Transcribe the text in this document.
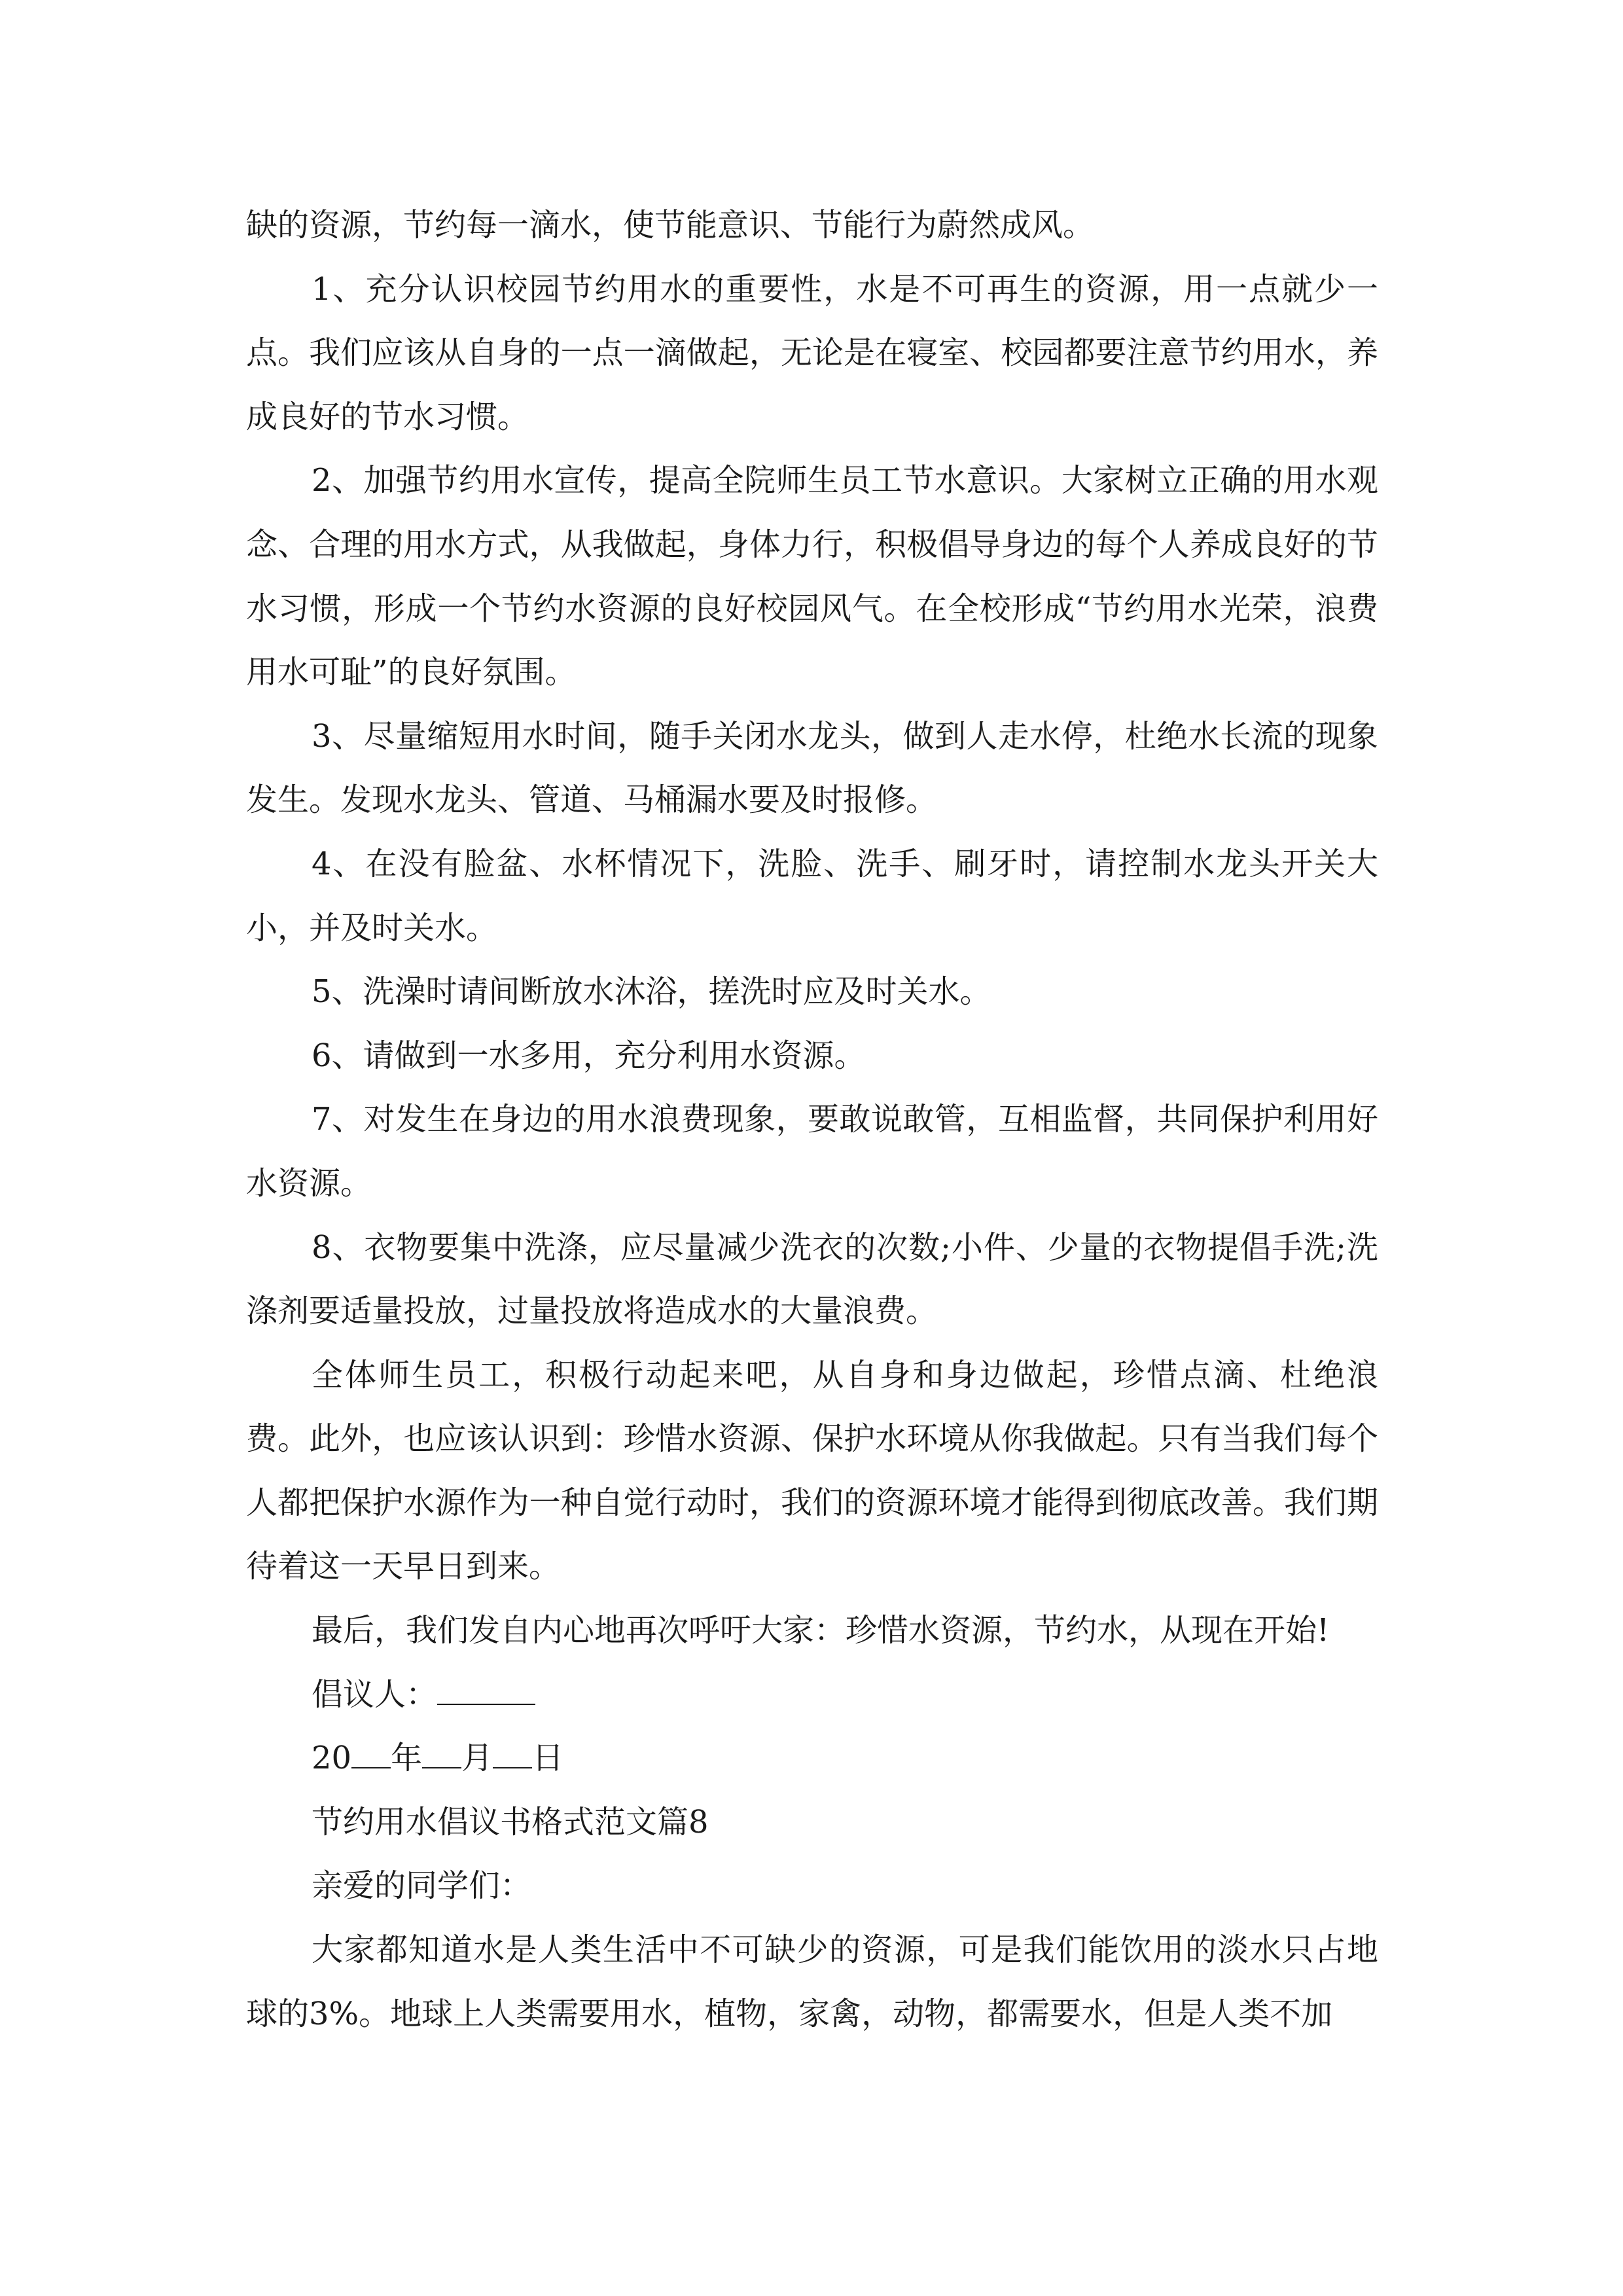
缺的资源，节约每一滴水，使节能意识、节能行为蔚然成风。

1、充分认识校园节约用水的重要性，水是不可再生的资源，用一点就少一点。我们应该从自身的一点一滴做起，无论是在寝室、校园都要注意节约用水，养成良好的节水习惯。

2、加强节约用水宣传，提高全院师生员工节水意识。大家树立正确的用水观念、合理的用水方式，从我做起，身体力行，积极倡导身边的每个人养成良好的节水习惯，形成一个节约水资源的良好校园风气。在全校形成“节约用水光荣，浪费用水可耻”的良好氛围。

3、尽量缩短用水时间，随手关闭水龙头，做到人走水停，杜绝水长流的现象发生。发现水龙头、管道、马桶漏水要及时报修。

4、在没有脸盆、水杯情况下，洗脸、洗手、刷牙时，请控制水龙头开关大小，并及时关水。

5、洗澡时请间断放水沐浴，搓洗时应及时关水。

6、请做到一水多用，充分利用水资源。

7、对发生在身边的用水浪费现象，要敢说敢管，互相监督，共同保护利用好水资源。

8、衣物要集中洗涤，应尽量减少洗衣的次数;小件、少量的衣物提倡手洗;洗涤剂要适量投放，过量投放将造成水的大量浪费。

全体师生员工，积极行动起来吧，从自身和身边做起，珍惜点滴、杜绝浪费。此外，也应该认识到：珍惜水资源、保护水环境从你我做起。只有当我们每个人都把保护水源作为一种自觉行动时，我们的资源环境才能得到彻底改善。我们期待着这一天早日到来。

最后，我们发自内心地再次呼吁大家：珍惜水资源，节约水，从现在开始!

倡议人：

20 年 月 日

节约用水倡议书格式范文篇8

亲爱的同学们：

大家都知道水是人类生活中不可缺少的资源，可是我们能饮用的淡水只占地球的3%。地球上人类需要用水，植物，家禽，动物，都需要水，但是人类不加
